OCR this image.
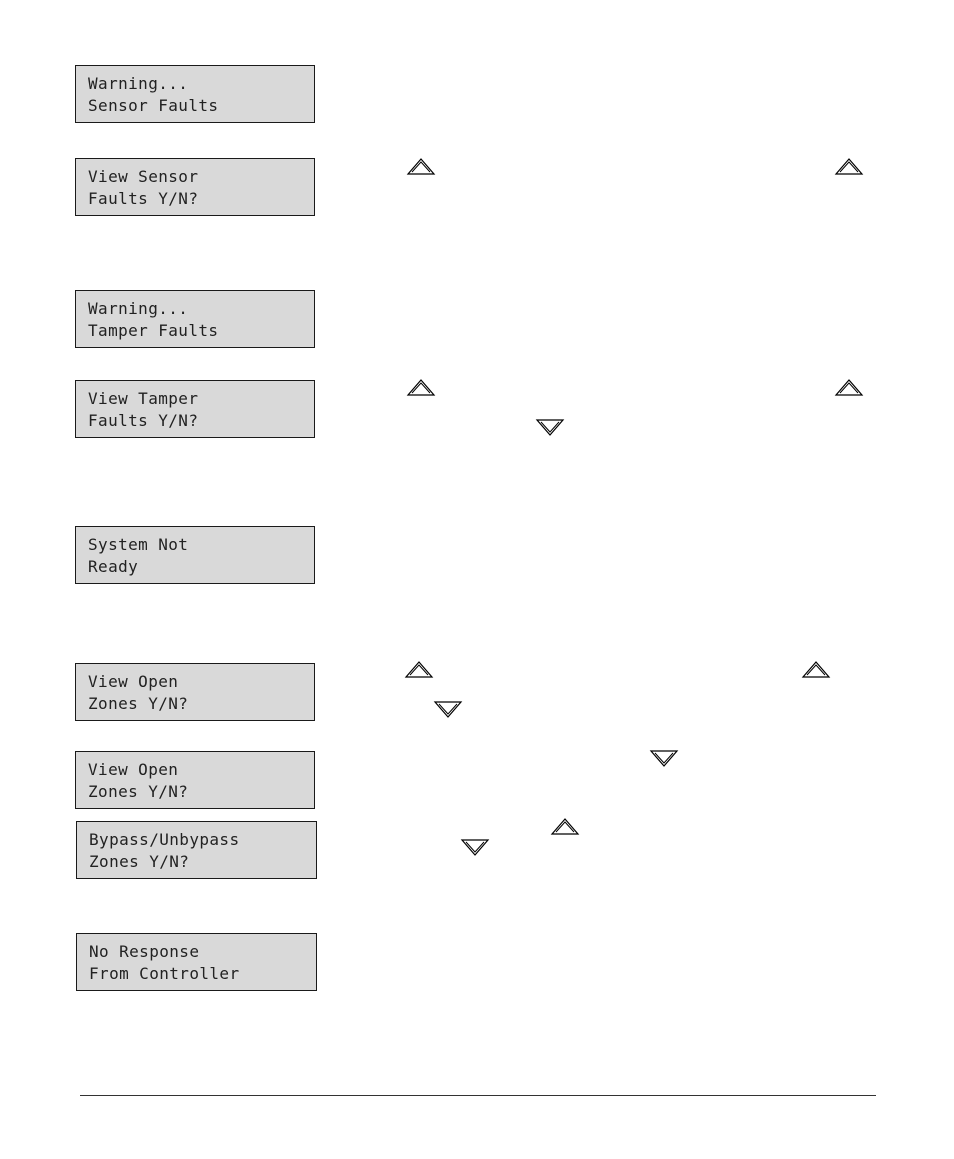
Warning...
Sensor Faults
View Sensor
Faults Y/N?
Warning...
Tamper Faults
View Tamper
Faults Y/N?
System Not
Ready
View Open
Zones Y/N?
View Open
Zones Y/N?
Bypass/Unbypass
Zones Y/N?
No Response
From Controller
